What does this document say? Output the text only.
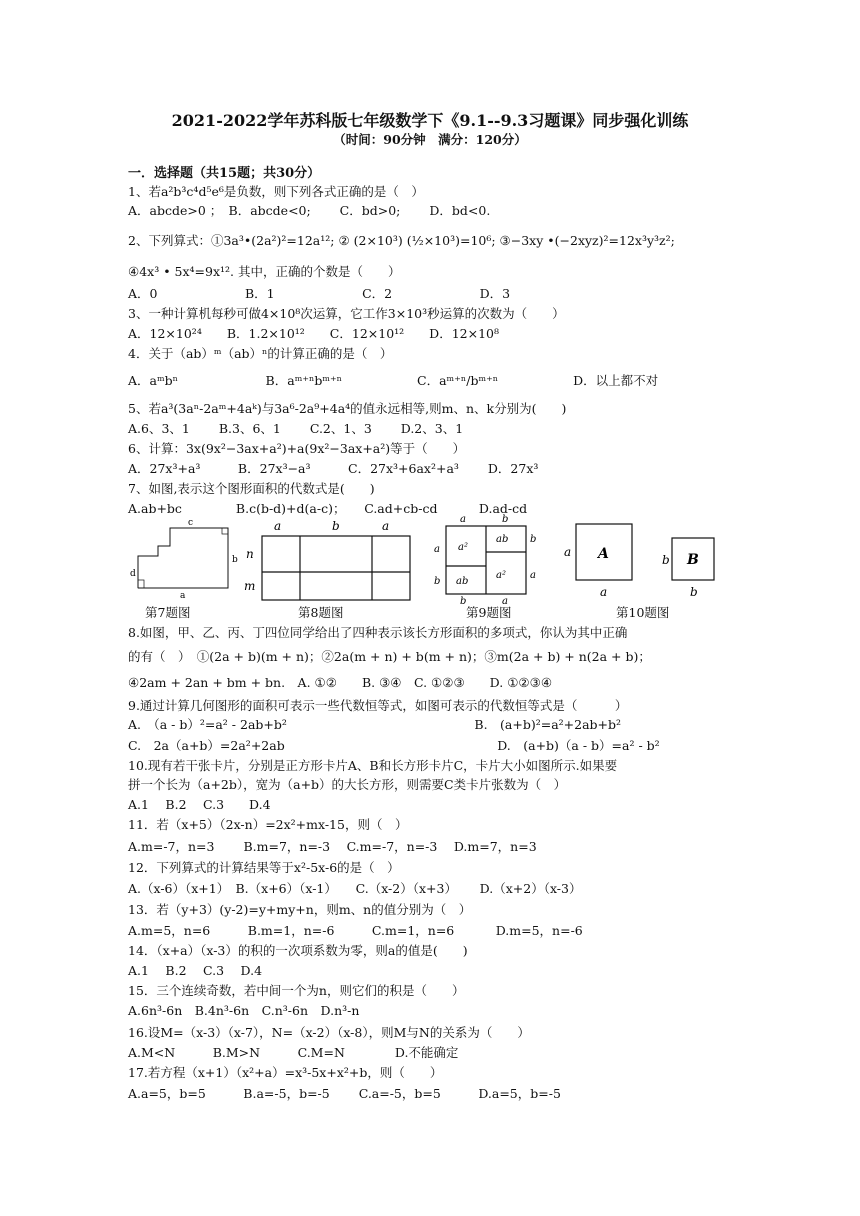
2021-2022学年苏科版七年级数学下《9.1--9.3习题课》同步强化训练
（时间：90分钟　满分：120分）
一．选择题（共15题；共30分）
1、若a²b³c⁴d⁵e⁶是负数，则下列各式正确的是（　）
A．abcde>0 ；　B．abcde<0;　　 C．bd>0;　　 D．bd<0.
2、下列算式：①3a³•(2a²)²=12a¹²; ② (2×10³) (½×10³)=10⁶; ③−3xy •(−2xyz)²=12x³y³z²;
④4x³ • 5x⁴=9x¹². 其中，正确的个数是（　　）
A．0　　　　　　　B．1　　　　　　　C．2　　　　　　　D．3
3、一种计算机每秒可做4×10⁸次运算，它工作3×10³秒运算的次数为（　　）
A．12×10²⁴　　B．1.2×10¹²　　C．12×10¹²　　D．12×10⁸
4．关于（ab）ᵐ（ab）ⁿ的计算正确的是（　）
A．aᵐbⁿ　　　　　　　B．aᵐ⁺ⁿbᵐ⁺ⁿ　　　　　　C．aᵐ⁺ⁿ/bᵐ⁺ⁿ　　　　　　D．以上都不对
5、若a³(3aⁿ-2aᵐ+4aᵏ)与3a⁶-2a⁹+4a⁴的值永远相等,则m、n、k分别为(　　)
A.6、3、1　　 B.3、6、1　　 C.2、1、3　　 D.2、3、1
6、计算：3x(9x²−3ax+a²)+a(9x²−3ax+a²)等于（　　）
A．27x³+a³　　　B．27x³−a³　　　C．27x³+6ax²+a³　　 D．27x³
7、如图,表示这个图形面积的代数式是(　　)
A.ab+bc　　　　 B.c(b-d)+d(a-c)；　　C.ad+cb-cd　　　 D.ad-cd
c
b
d
a
第7题图
a	b	a
n
m
第8题图
a	b
a
b
b
a
b	a
a²
ab
ab
a²
第9题图
A	B
a
a
b
b
第10题图
8.如图，甲、乙、丙、丁四位同学给出了四种表示该长方形面积的多项式，你认为其中正确
的有（　）　①(2a + b)(m + n)；②2a(m + n) + b(m + n)；③m(2a + b) + n(2a + b)；
④2am + 2an + bm + bn.　A. ①②　　B. ③④　C. ①②③　　D. ①②③④
9.通过计算几何图形的面积可表示一些代数恒等式，如图可表示的代数恒等式是（　　　）
A.　（a - b）²=a² - 2ab+b²　　　　　　　　　　　　　　　B.　(a+b)²=a²+2ab+b²
C.　2a（a+b）=2a²+2ab　　　　　　　　　　　　　　　　　D.　(a+b)（a - b）=a² - b²
10.现有若干张卡片，分别是正方形卡片A、B和长方形卡片C，卡片大小如图所示.如果要
拼一个长为（a+2b），宽为（a+b）的大长方形，则需要C类卡片张数为（　）
A.1　 B.2　 C.3　　D.4
11．若（x+5）（2x-n）=2x²+mx-15，则（　）
A.m=-7，n=3　　 B.m=7，n=-3　 C.m=-7，n=-3　 D.m=7，n=3
12．下列算式的计算结果等于x²-5x-6的是（　）
A.（x-6）（x+1）　B.（x+6）（x-1）　　C.（x-2）（x+3）　　 D.（x+2）（x-3）
13．若（y+3）(y-2)=y+my+n，则m、n的值分别为（　）
A.m=5，n=6　　　B.m=1，n=-6　　　C.m=1，n=6　　　 D.m=5，n=-6
14．（x+a）（x-3）的积的一次项系数为零，则a的值是(　　)
A.1　 B.2　 C.3　 D.4
15．三个连续奇数，若中间一个为n，则它们的积是（　　）
A.6n³-6n　B.4n³-6n　C.n³-6n　D.n³-n
16.设M=（x-3）（x-7），N=（x-2）（x-8），则M与N的关系为（　　）
A.M<N　　　B.M>N　　　C.M=N　　　　D.不能确定
17.若方程（x+1）（x²+a）=x³-5x+x²+b，则（　　）
A.a=5，b=5　　　B.a=-5，b=-5　　 C.a=-5，b=5　　　D.a=5，b=-5
